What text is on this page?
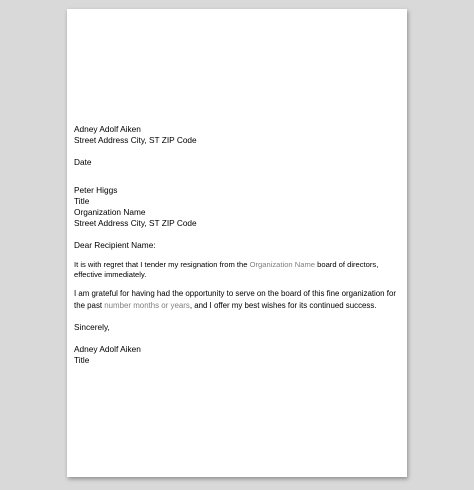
Adney Adolf Aiken
Street Address City, ST ZIP Code
Date
Peter Higgs
Title
Organization Name
Street Address City, ST ZIP Code
Dear Recipient Name:

It is with regret that I tender my resignation from the Organization Name board of directors, effective immediately.

I am grateful for having had the opportunity to serve on the board of this fine organization for the past number months or years, and I offer my best wishes for its continued success.

Sincerely,
Adney Adolf Aiken
Title
